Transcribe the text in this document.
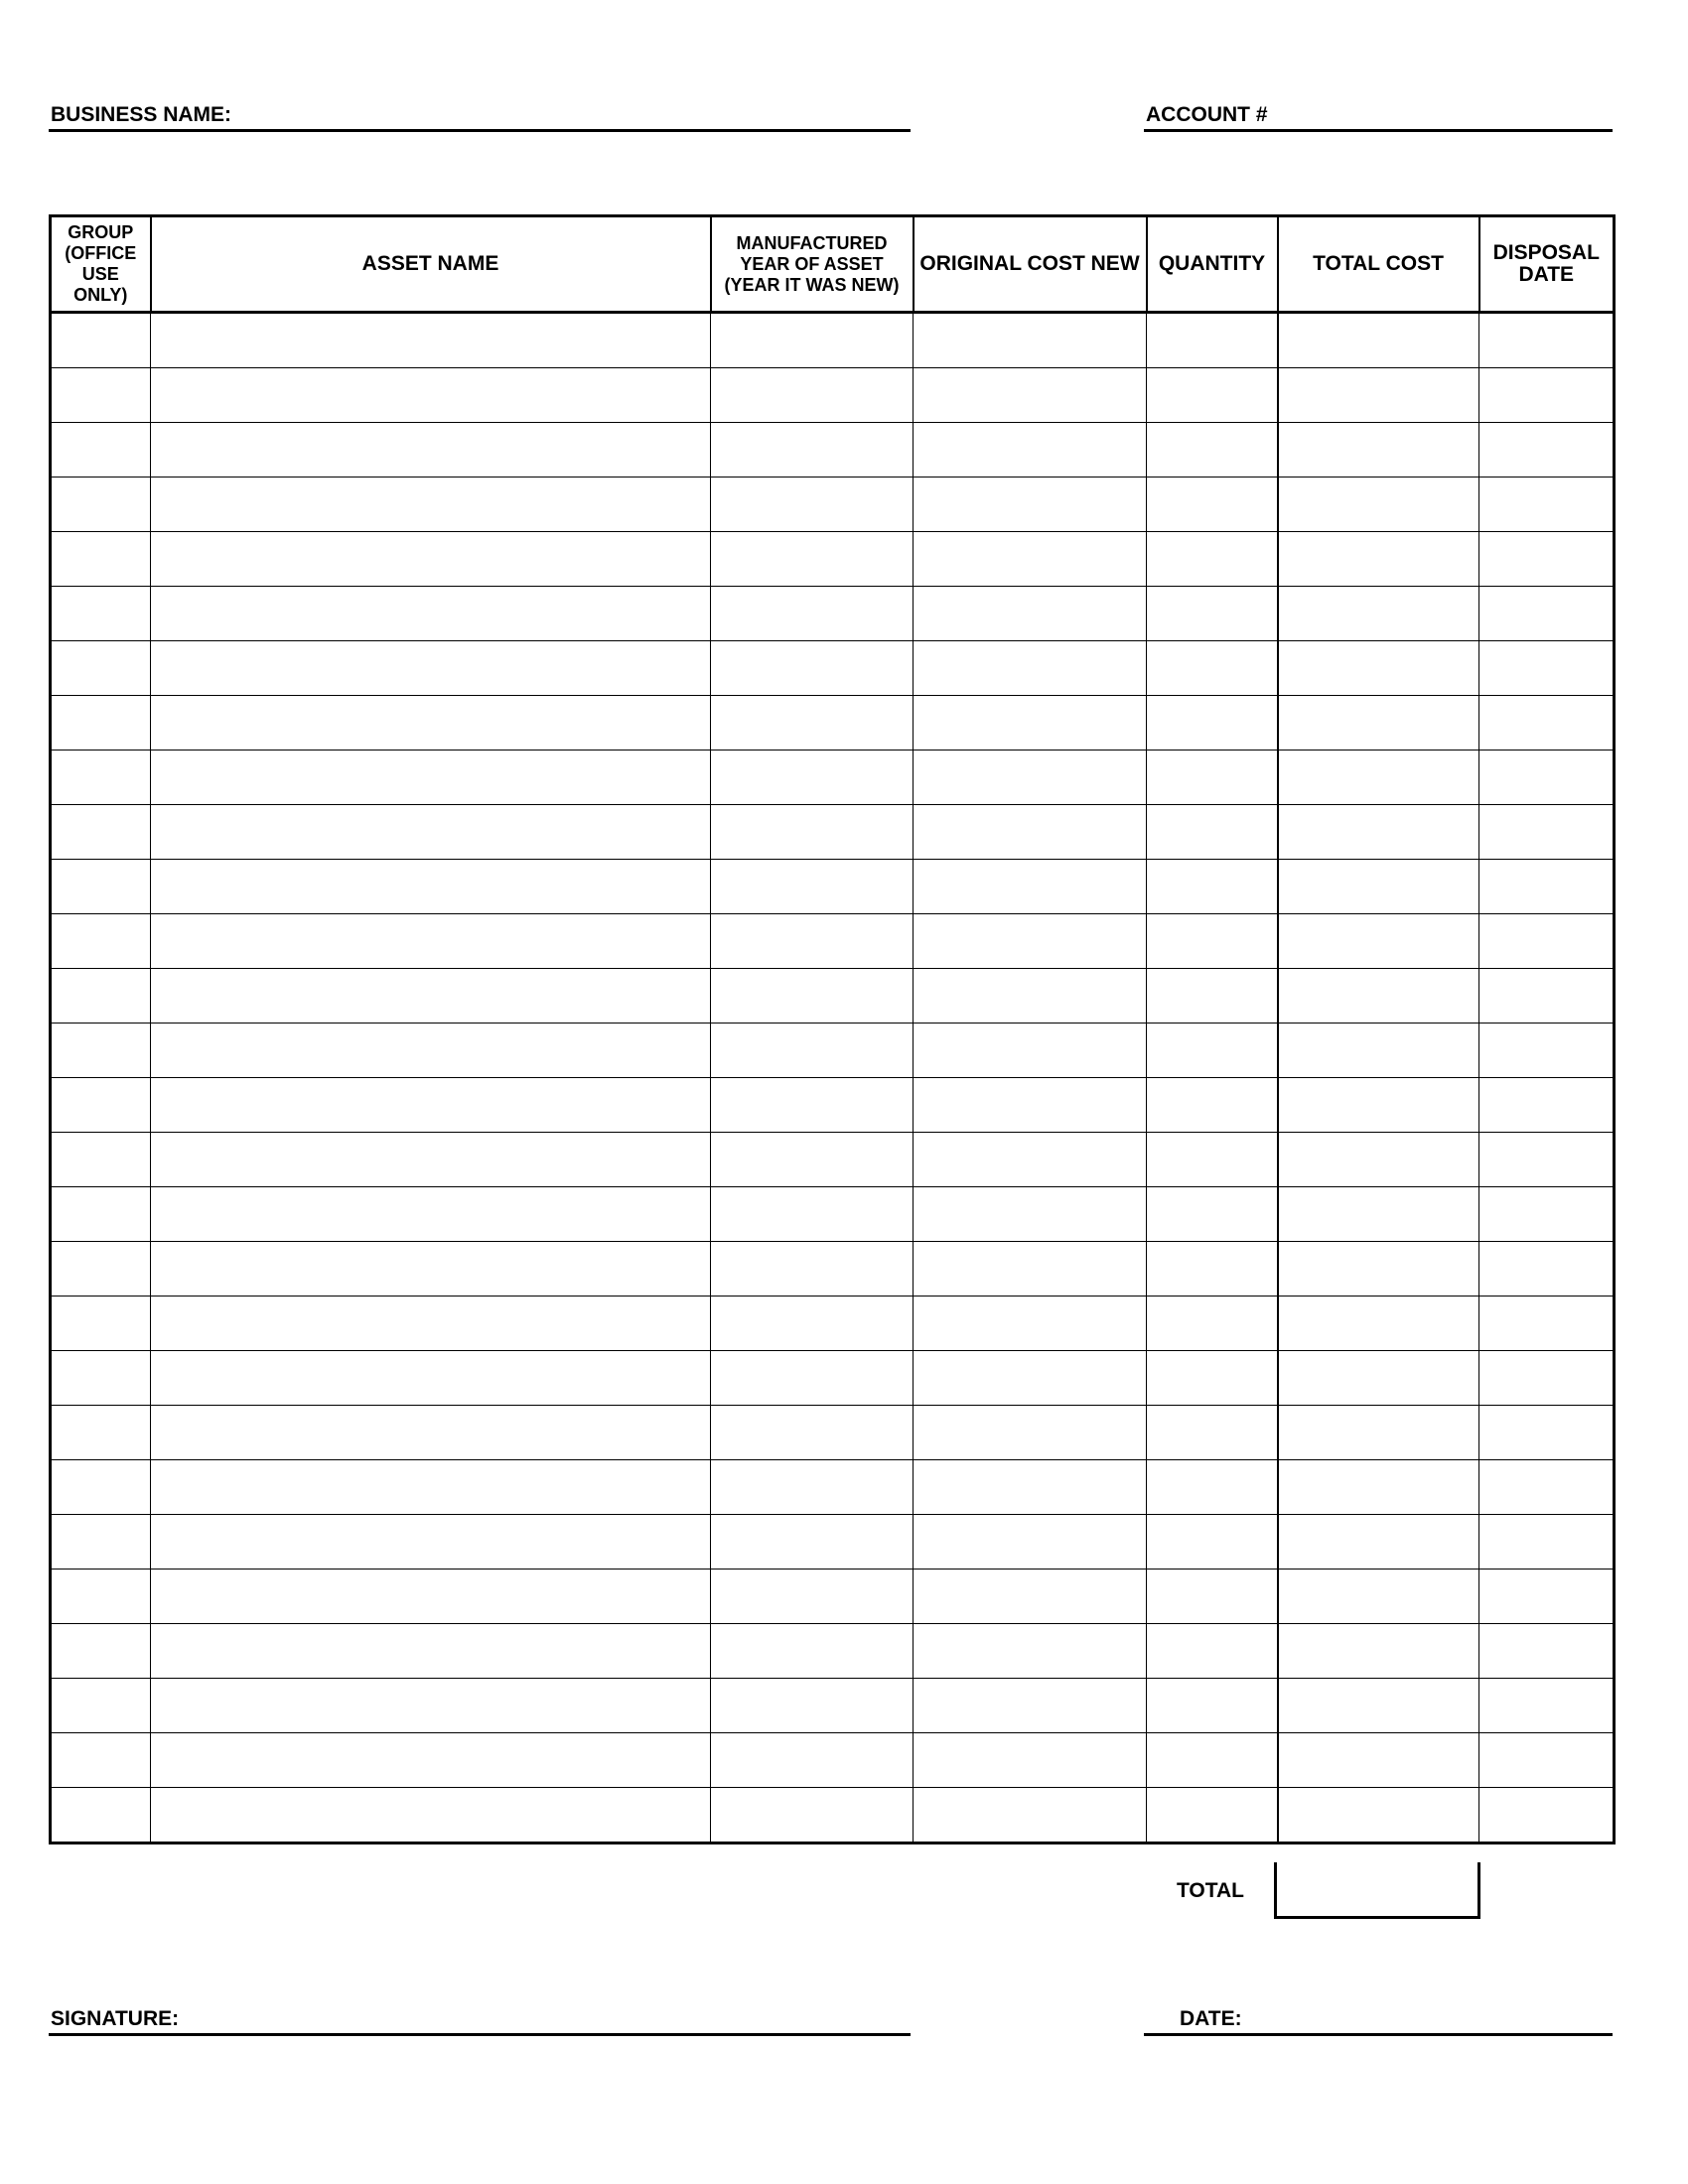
BUSINESS NAME:	ACCOUNT #
GROUP
(OFFICE
USE ONLY)	ASSET NAME	MANUFACTURED
YEAR OF ASSET
(YEAR IT WAS NEW)	ORIGINAL COST NEW	QUANTITY	TOTAL COST	DISPOSAL
DATE

TOTAL
SIGNATURE:	DATE:
